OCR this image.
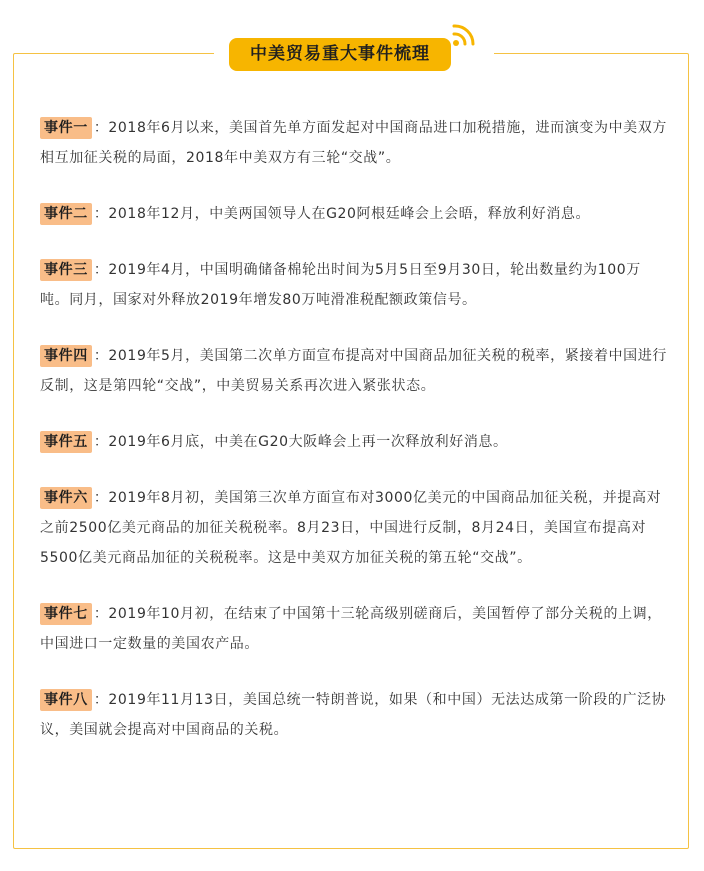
中美贸易重大事件梳理

事件一 ：2018年6月以来，美国首先单方面发起对中国商品进口加税措施，进而演变为中美双方相互加征关税的局面，2018年中美双方有三轮“交战”。

事件二 ：2018年12月，中美两国领导人在G20阿根廷峰会上会晤，释放利好消息。

事件三 ：2019年4月，中国明确储备棉轮出时间为5月5日至9月30日，轮出数量约为100万吨。同月，国家对外释放2019年增发80万吨滑准税配额政策信号。

事件四 ：2019年5月，美国第二次单方面宣布提高对中国商品加征关税的税率，紧接着中国进行反制，这是第四轮“交战”，中美贸易关系再次进入紧张状态。

事件五 ：2019年6月底，中美在G20大阪峰会上再一次释放利好消息。

事件六 ：2019年8月初，美国第三次单方面宣布对3000亿美元的中国商品加征关税，并提高对之前2500亿美元商品的加征关税税率。8月23日，中国进行反制，8月24日，美国宣布提高对5500亿美元商品加征的关税税率。这是中美双方加征关税的第五轮“交战”。

事件七 ：2019年10月初，在结束了中国第十三轮高级别磋商后，美国暂停了部分关税的上调，中国进口一定数量的美国农产品。

事件八 ：2019年11月13日，美国总统一特朗普说，如果（和中国）无法达成第一阶段的广泛协议，美国就会提高对中国商品的关税。
